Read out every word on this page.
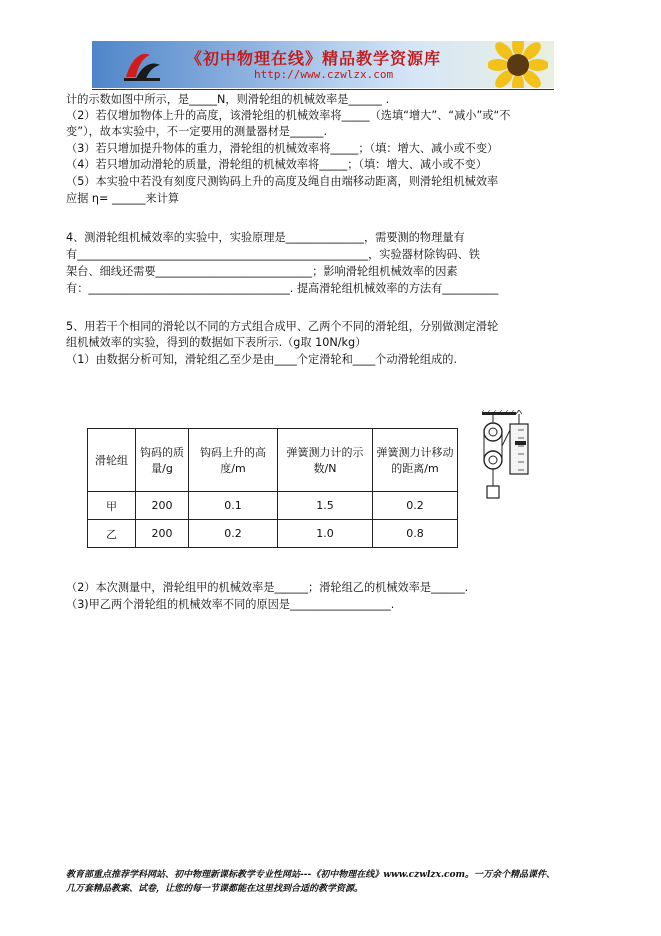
《初中物理在线》精品教学资源库
http://www.czwlzx.com
计的示数如图中所示，是_____N，则滑轮组的机械效率是______ .
（2）若仅增加物体上升的高度，该滑轮组的机械效率将_____（选填“增大”、“减小”或“不
变”），故本实验中，不一定要用的测量器材是______.
（3）若只增加提升物体的重力，滑轮组的机械效率将_____；（填：增大、减小或不变）
（4）若只增加动滑轮的质量，滑轮组的机械效率将_____；（填：增大、减小或不变）
（5）本实验中若没有刻度尺测钩码上升的高度及绳自由端移动距离，则滑轮组机械效率
应据 η= ______来计算
4、测滑轮组机械效率的实验中，实验原理是______________，需要测的物理量有
有____________________________________________________，实验器材除钩码、铁
架台、细线还需要____________________________；影响滑轮组机械效率的因素
有：____________________________________. 提高滑轮组机械效率的方法有__________
5、用若干个相同的滑轮以不同的方式组合成甲、乙两个不同的滑轮组，分别做测定滑轮
组机械效率的实验，得到的数据如下表所示.（g取 10N/kg）
（1）由数据分析可知，滑轮组乙至少是由____个定滑轮和____个动滑轮组成的.
滑轮组	钩码的质量/g	钩码上升的高度/m	弹簧测力计的示数/N	弹簧测力计移动的距离/m
甲	200	0.1	1.5	0.2
乙	200	0.2	1.0	0.8
（2）本次测量中，滑轮组甲的机械效率是______；滑轮组乙的机械效率是______.
（3)甲乙两个滑轮组的机械效率不同的原因是__________________.
教育部重点推荐学科网站、初中物理新课标教学专业性网站---《初中物理在线》www.czwlzx.com。一万余个精品课件、
几万套精品教案、试卷，让您的每一节课都能在这里找到合适的教学资源。
